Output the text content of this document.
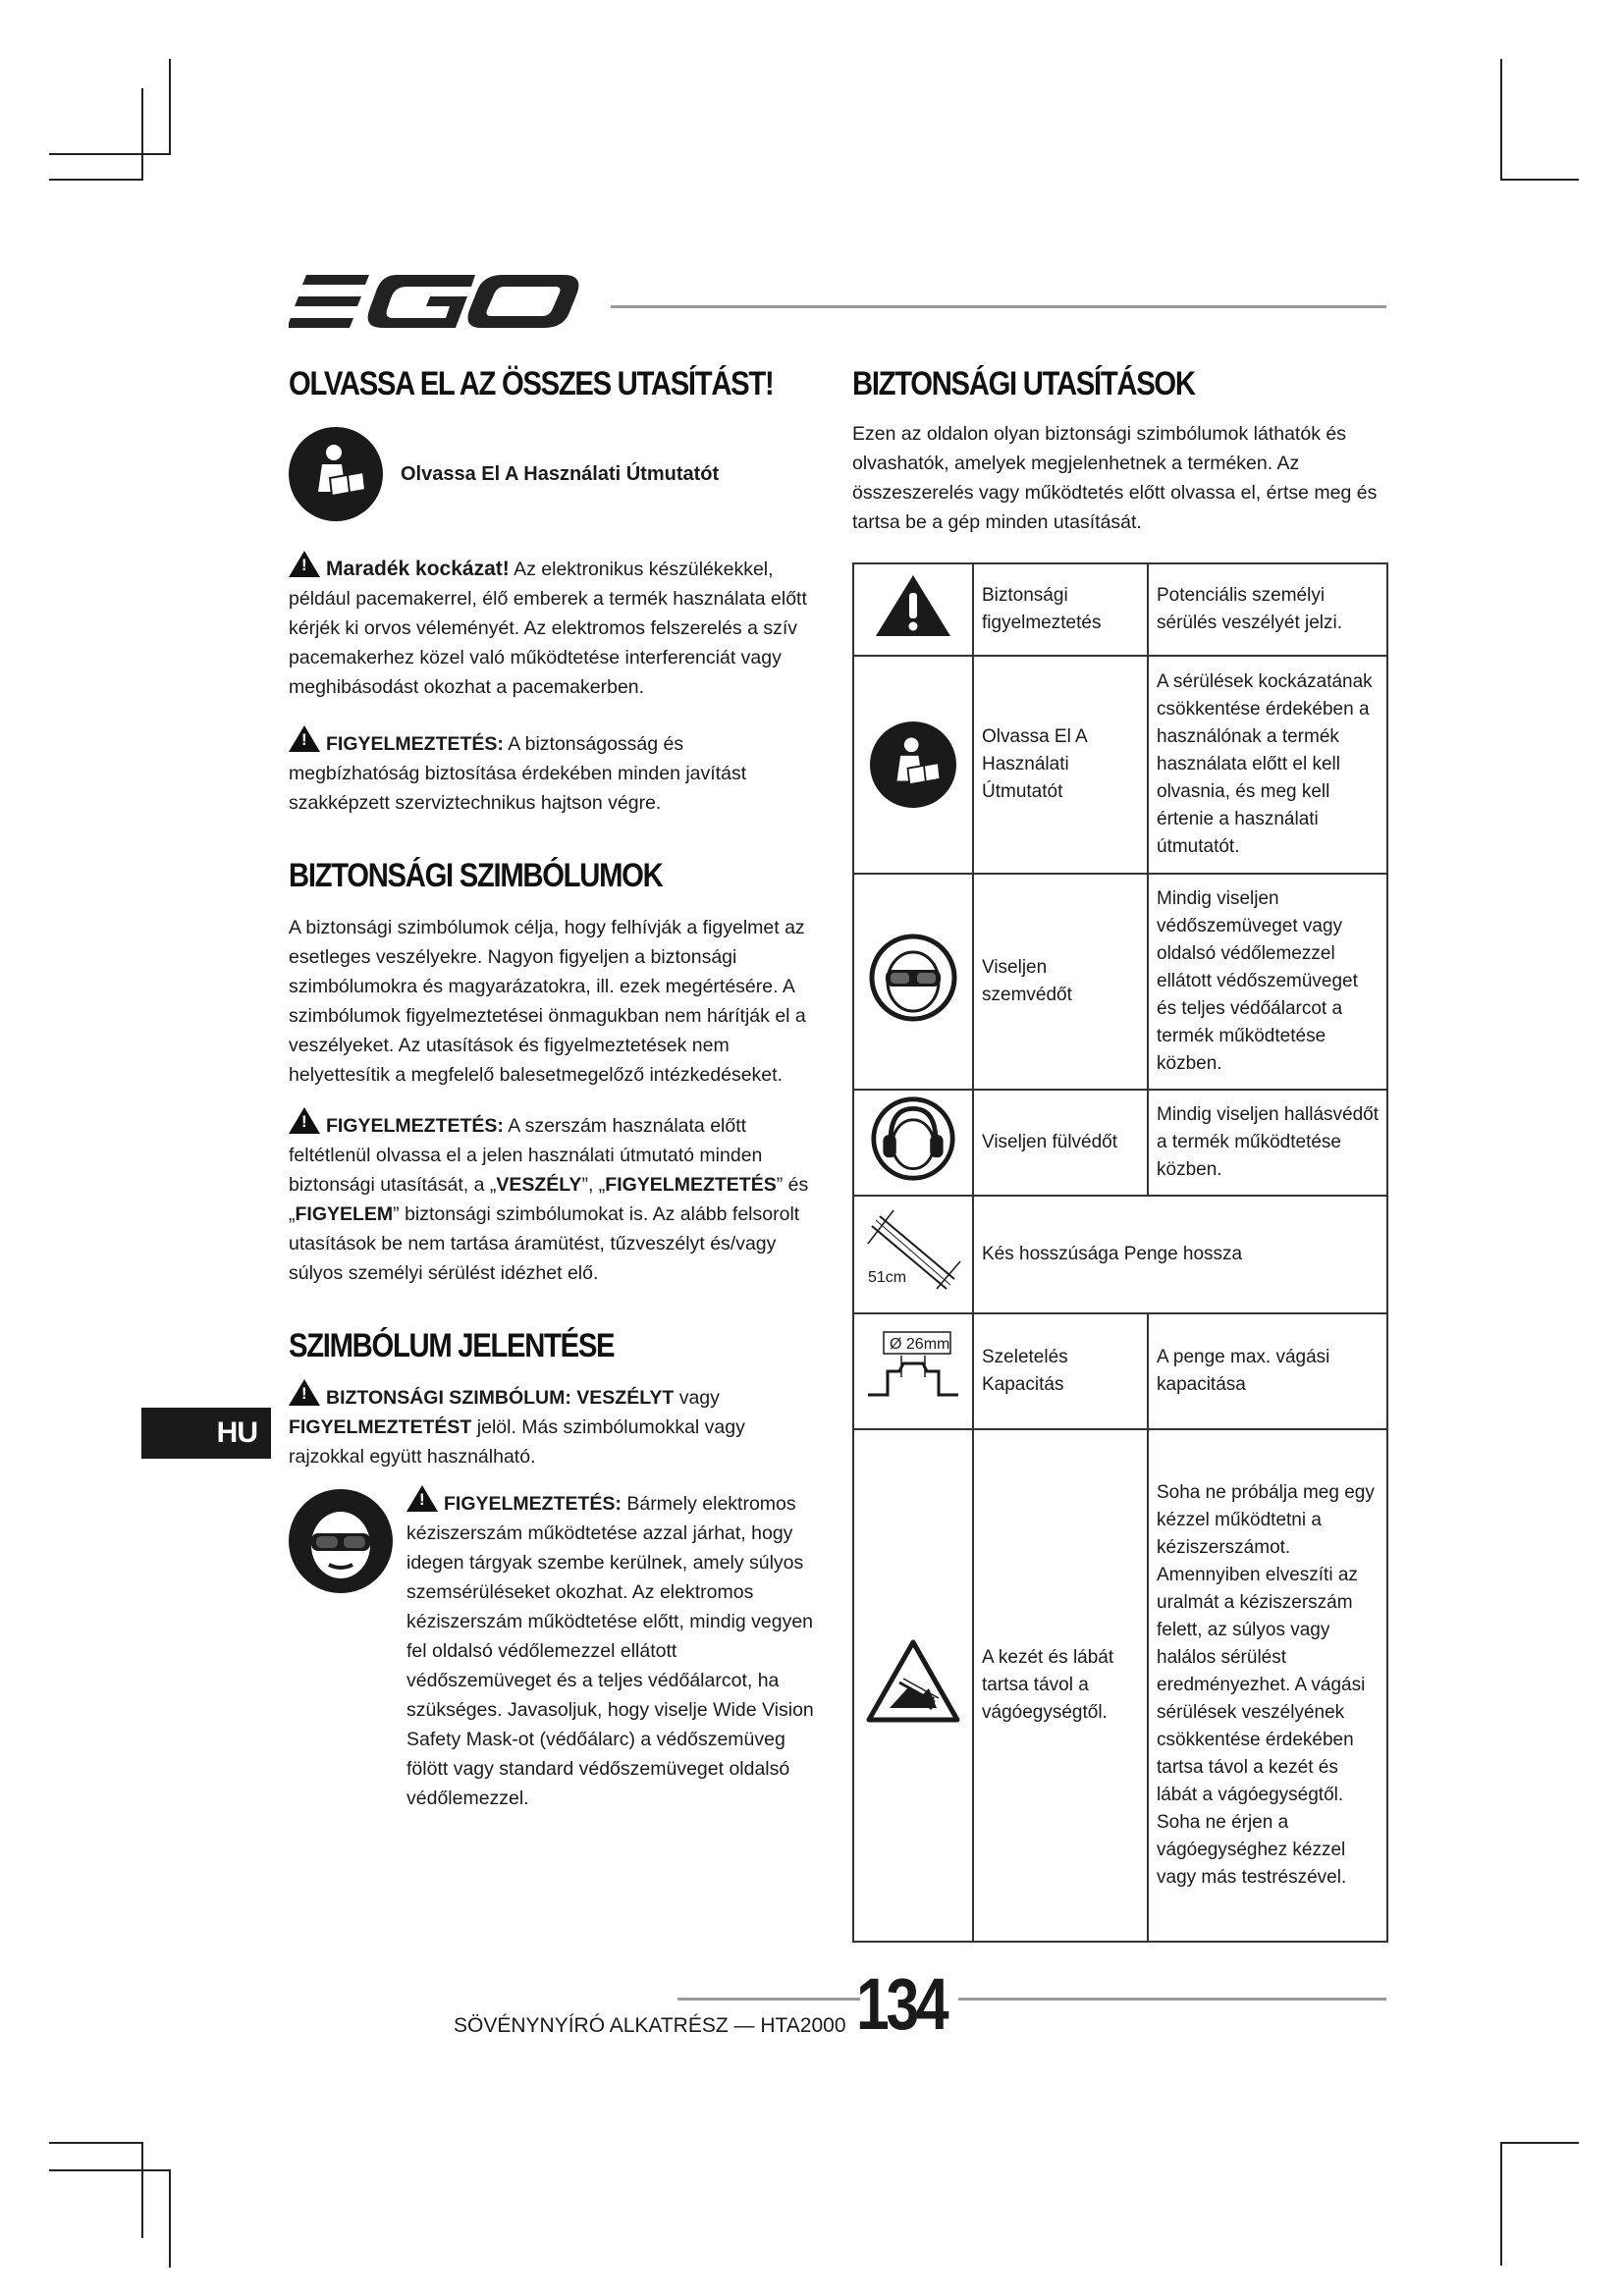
OLVASSA EL AZ ÖSSZES UTASÍTÁST!
Olvassa El A Használati Útmutatót

!Maradék kockázat! Az elektronikus készülékekkel, például pacemakerrel, élő emberek a termék használata előtt kérjék ki orvos véleményét. Az elektromos felszerelés a szív pacemakerhez közel való működtetése interferenciát vagy meghibásodást okozhat a pacemakerben.

!FIGYELMEZTETÉS: A biztonságosság és megbízhatóság biztosítása érdekében minden javítást szakképzett szerviztechnikus hajtson végre.

BIZTONSÁGI SZIMBÓLUMOK

A biztonsági szimbólumok célja, hogy felhívják a figyelmet az esetleges veszélyekre. Nagyon figyeljen a biztonsági szimbólumokra és magyarázatokra, ill. ezek megértésére. A szimbólumok figyelmeztetései önmagukban nem hárítják el a veszélyeket. Az utasítások és figyelmeztetések nem helyettesítik a megfelelő balesetmegelőző intézkedéseket.

!FIGYELMEZTETÉS: A szerszám használata előtt feltétlenül olvassa el a jelen használati útmutató minden biztonsági utasítását, a „VESZÉLY”, „FIGYELMEZTETÉS” és „FIGYELEM” biztonsági szimbólumokat is. Az alább felsorolt utasítások be nem tartása áramütést, tűzveszélyt és/vagy súlyos személyi sérülést idézhet elő.

SZIMBÓLUM JELENTÉSE

!BIZTONSÁGI SZIMBÓLUM: VESZÉLYT vagy FIGYELMEZTETÉST jelöl. Más szimbólumokkal vagy rajzokkal együtt használható.

!FIGYELMEZTETÉS: Bármely elektromos kéziszerszám működtetése azzal járhat, hogy idegen tárgyak szembe kerülnek, amely súlyos szemsérüléseket okozhat. Az elektromos kéziszerszám működtetése előtt, mindig vegyen fel oldalsó védőlemezzel ellátott védőszemüveget és a teljes védőálarcot, ha szükséges. Javasoljuk, hogy viselje Wide Vision Safety Mask-ot (védőálarc) a védőszemüveg fölött vagy standard védőszemüveget oldalsó védőlemezzel.

BIZTONSÁGI UTASÍTÁSOK

Ezen az oldalon olyan biztonsági szimbólumok láthatók és olvashatók, amelyek megjelenhetnek a terméken. Az összeszerelés vagy működtetés előtt olvassa el, értse meg és tartsa be a gép minden utasítását.

	Biztonsági figyelmeztetés	Potenciális személyi sérülés veszélyét jelzi.

	Olvassa El A Használati Útmutatót	A sérülések kockázatának csökkentése érdekében a használónak a termék használata előtt el kell olvasnia, és meg kell értenie a használati útmutatót.
	Viseljen szemvédőt	Mindig viseljen védőszemüveget vagy oldalsó védőlemezzel ellátott védőszemüveget és teljes védőálarcot a termék működtetése közben.
	Viseljen fülvédőt	Mindig viseljen hallásvédőt a termék működtetése közben.

51cm	Kés hosszúsága Penge hossza	

Ø 26mm	Szeletelés Kapacitás	A penge max. vágási kapacitása
	A kezét és lábát tartsa távol a vágóegységtől.	Soha ne próbálja meg egy kézzel működtetni a kéziszerszámot. Amennyiben elveszíti az uralmát a kéziszerszám felett, az súlyos vagy halálos sérülést eredményezhet. A vágási sérülések veszélyének csökkentése érdekében tartsa távol a kezét és lábát a vágóegységtől. Soha ne érjen a vágóegységhez kézzel vagy más testrészével.
HU
SÖVÉNYNYÍRÓ ALKATRÉSZ — HTA2000 134
